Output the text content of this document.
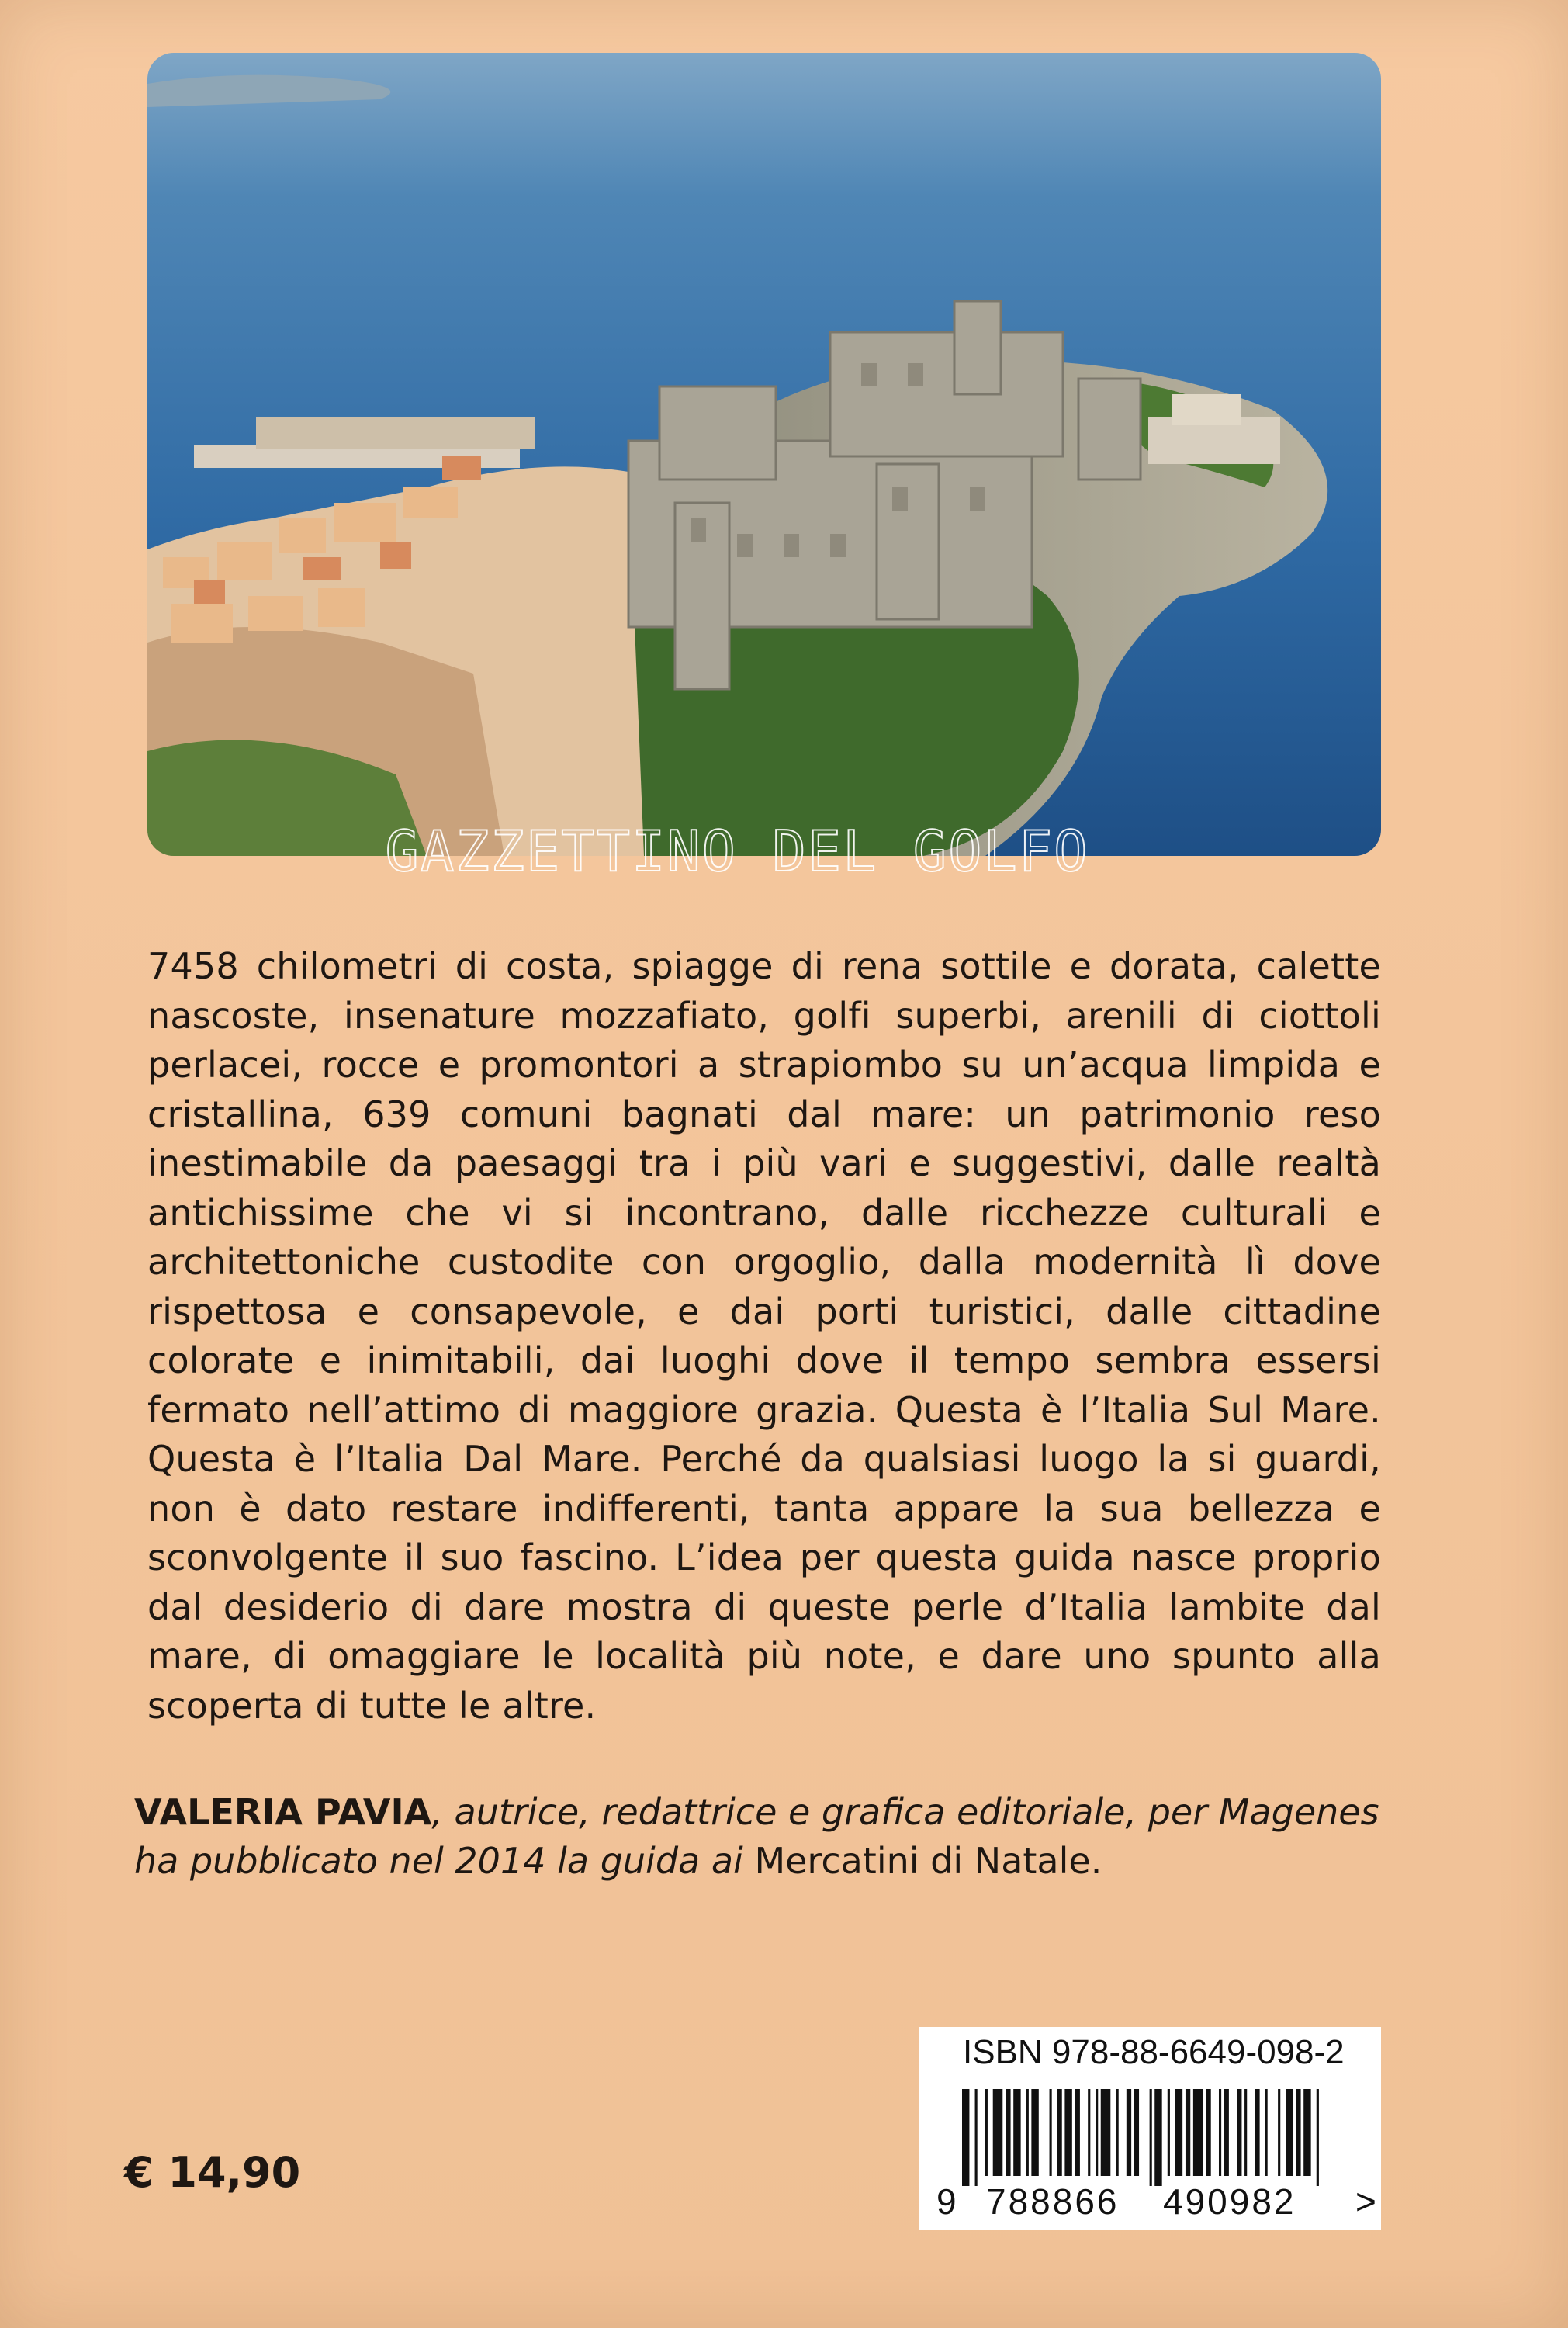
GAZZETTINO DEL GOLFO

7458 chilometri di costa, spiagge di rena sottile e dorata, calette nascoste, insenature mozzafiato, golfi superbi, arenili di ciottoli perlacei, rocce e promontori a strapiombo su un’acqua limpida e cristallina, 639 comuni bagnati dal mare: un patrimonio reso inestimabile da paesaggi tra i più vari e suggestivi, dalle realtà antichissime che vi si incontrano, dalle ricchezze culturali e architettoniche custodite con orgoglio, dalla modernità lì dove rispettosa e consapevole, e dai porti turistici, dalle cittadine colorate e inimitabili, dai luoghi dove il tempo sembra essersi fermato nell’attimo di maggiore grazia. Questa è l’Italia Sul Mare. Questa è l’Italia Dal Mare. Perché da qualsiasi luogo la si guardi, non è dato restare indifferenti, tanta appare la sua bellezza e sconvolgente il suo fascino. L’idea per questa guida nasce proprio dal desiderio di dare mostra di queste perle d’Italia lambite dal mare, di omaggiare le località più note, e dare uno spunto alla scoperta di tutte le altre.

VALERIA PAVIA, autrice, redattrice e grafica editoriale, per Magenes ha pubblicato nel 2014 la guida ai Mercatini di Natale.

ISBN 978-88-6649-098-2
9 788866 490982 >
€ 14,90
